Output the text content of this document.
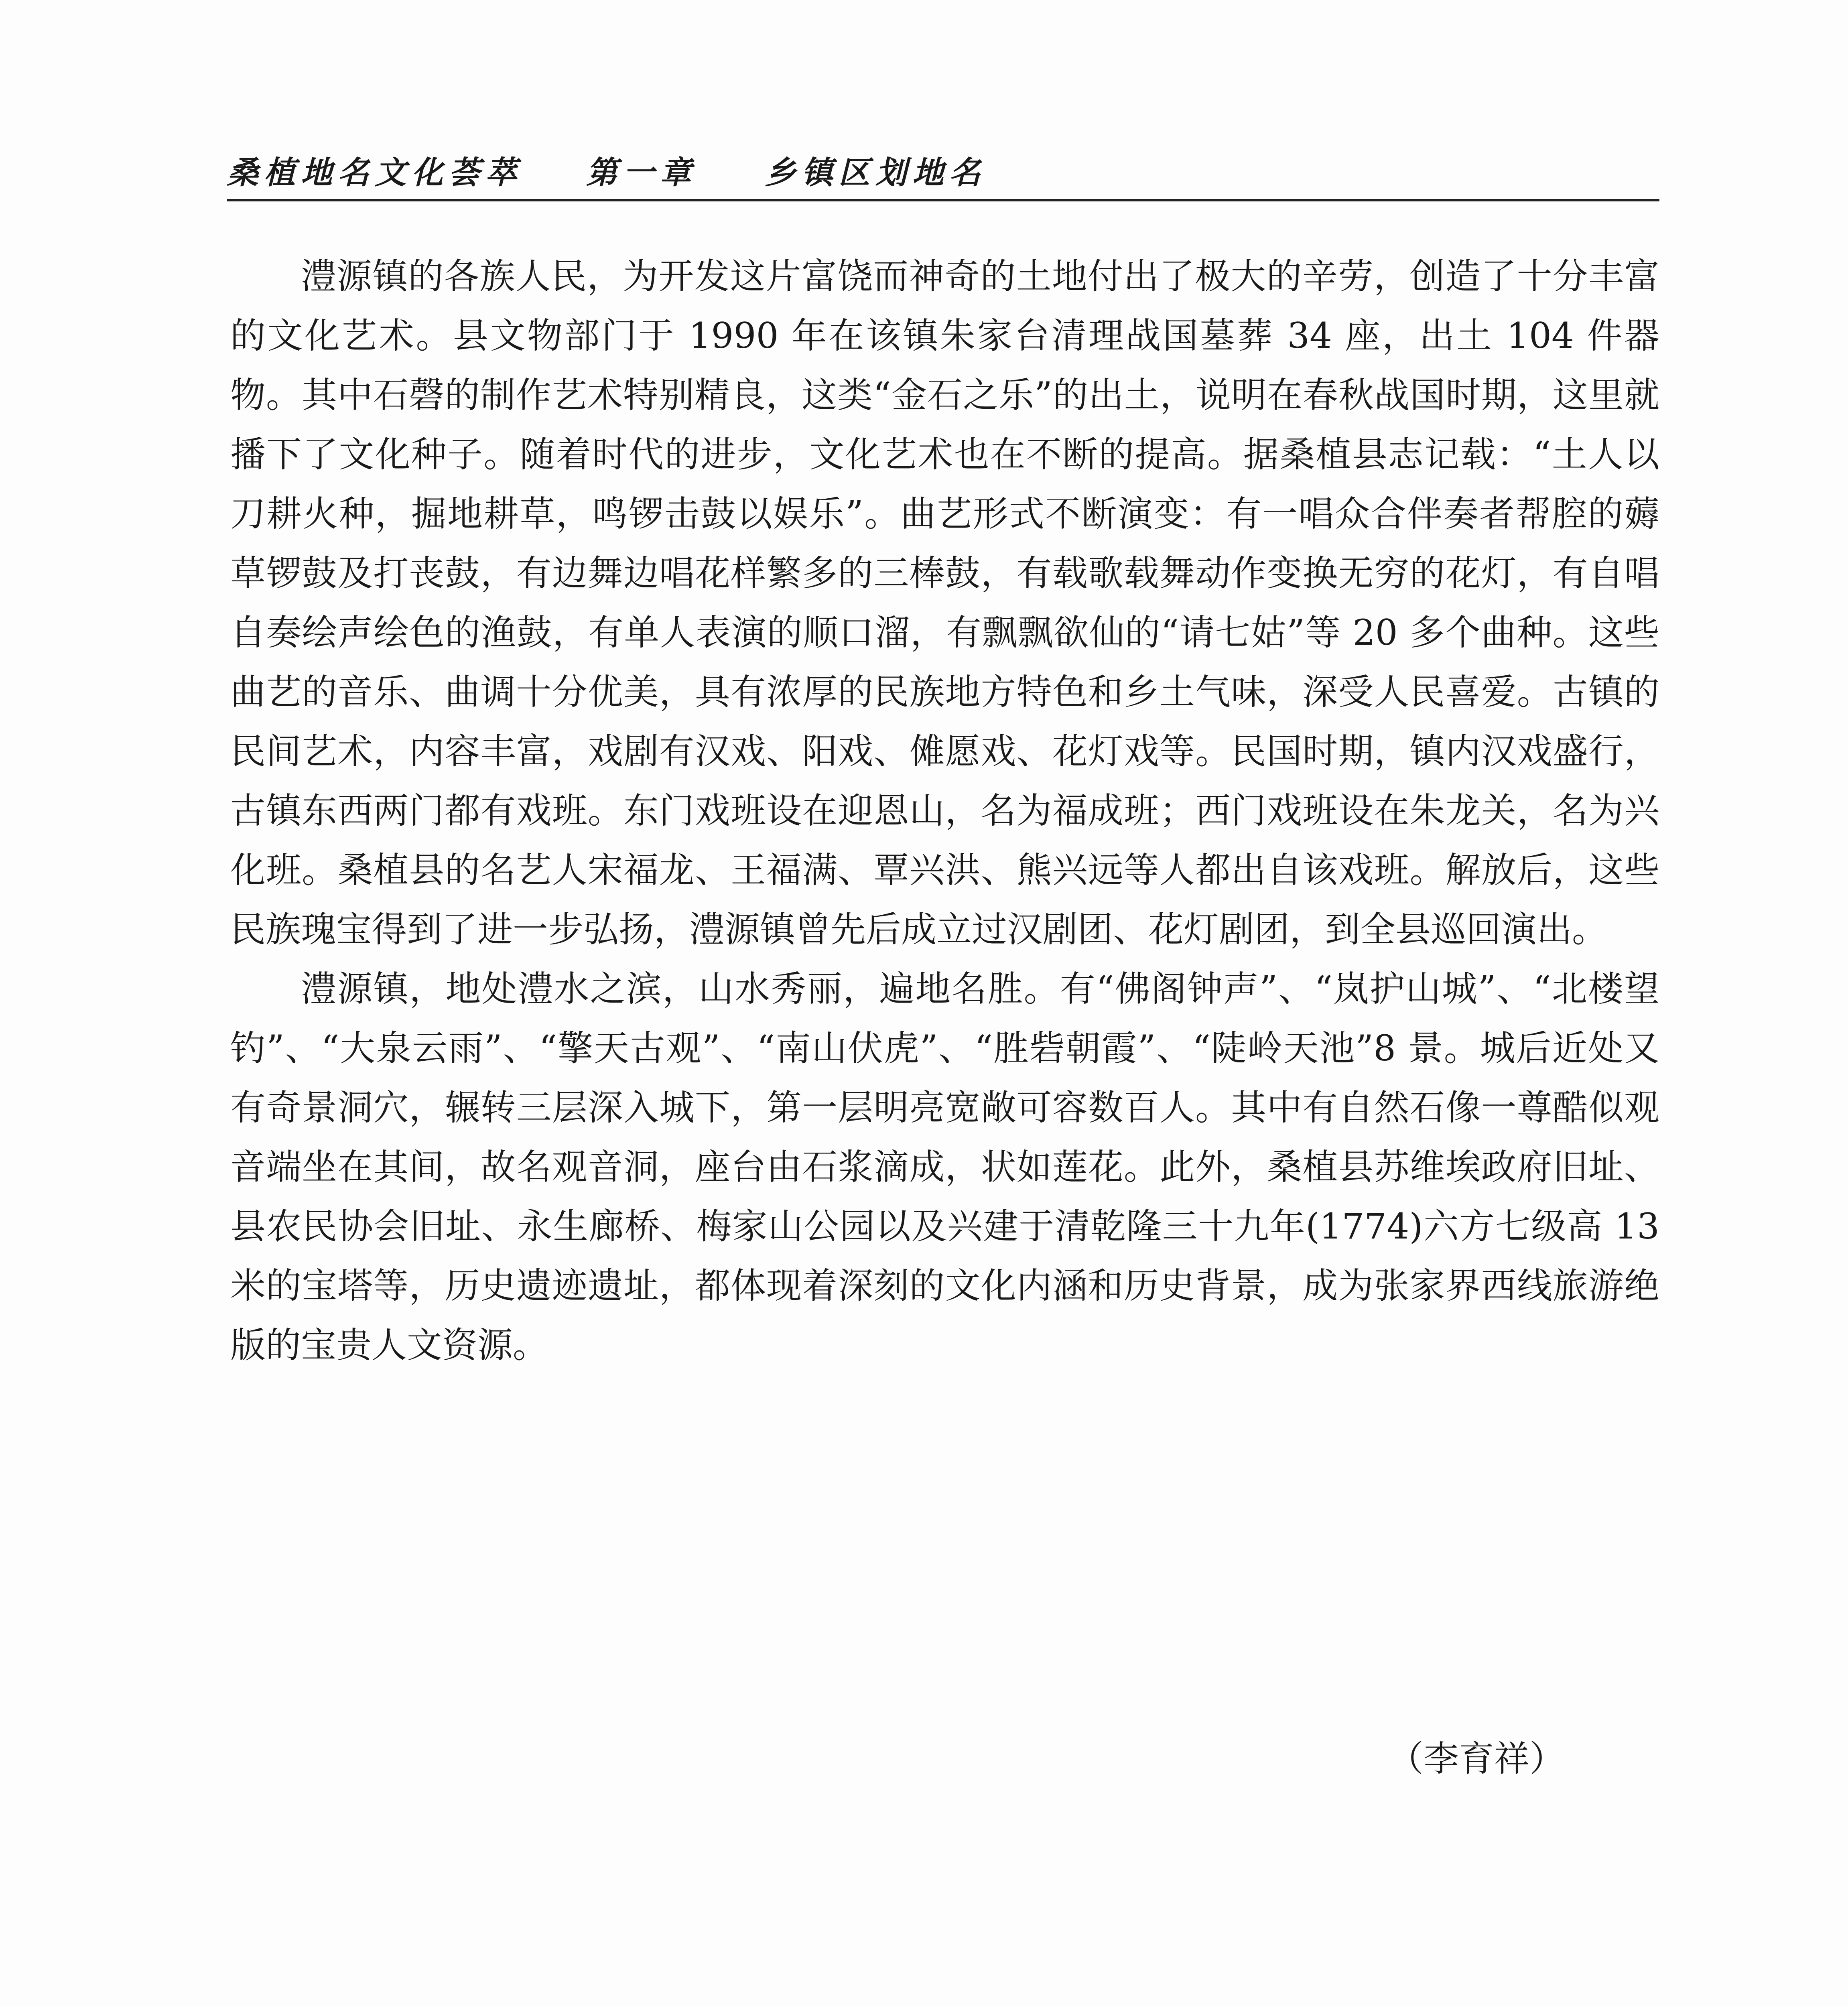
桑植地名文化荟萃	第一章	乡镇区划地名

澧源镇的各族人民，为开发这片富饶而神奇的土地付出了极大的辛劳，创造了十分丰富的文化艺术。县文物部门于 1990 年在该镇朱家台清理战国墓葬 34 座，出土 104 件器物。其中石磬的制作艺术特别精良，这类“金石之乐”的出土，说明在春秋战国时期，这里就播下了文化种子。随着时代的进步，文化艺术也在不断的提高。据桑植县志记载：“土人以刀耕火种，掘地耕草，鸣锣击鼓以娱乐”。曲艺形式不断演变：有一唱众合伴奏者帮腔的薅草锣鼓及打丧鼓，有边舞边唱花样繁多的三棒鼓，有载歌载舞动作变换无穷的花灯，有自唱自奏绘声绘色的渔鼓，有单人表演的顺口溜，有飘飘欲仙的“请七姑”等 20 多个曲种。这些曲艺的音乐、曲调十分优美，具有浓厚的民族地方特色和乡土气味，深受人民喜爱。古镇的民间艺术，内容丰富，戏剧有汉戏、阳戏、傩愿戏、花灯戏等。民国时期，镇内汉戏盛行，古镇东西两门都有戏班。东门戏班设在迎恩山，名为福成班；西门戏班设在朱龙关，名为兴化班。桑植县的名艺人宋福龙、王福满、覃兴洪、熊兴远等人都出自该戏班。解放后，这些民族瑰宝得到了进一步弘扬，澧源镇曾先后成立过汉剧团、花灯剧团，到全县巡回演出。

澧源镇，地处澧水之滨，山水秀丽，遍地名胜。有“佛阁钟声”、“岚护山城”、“北楼望钓”、“大泉云雨”、“擎天古观”、“南山伏虎”、“胜砦朝霞”、“陡岭天池”8 景。城后近处又有奇景洞穴，辗转三层深入城下，第一层明亮宽敞可容数百人。其中有自然石像一尊酷似观音端坐在其间，故名观音洞，座台由石浆滴成，状如莲花。此外，桑植县苏维埃政府旧址、县农民协会旧址、永生廊桥、梅家山公园以及兴建于清乾隆三十九年(1774)六方七级高 13 米的宝塔等，历史遗迹遗址，都体现着深刻的文化内涵和历史背景，成为张家界西线旅游绝版的宝贵人文资源。

（李育祥）
